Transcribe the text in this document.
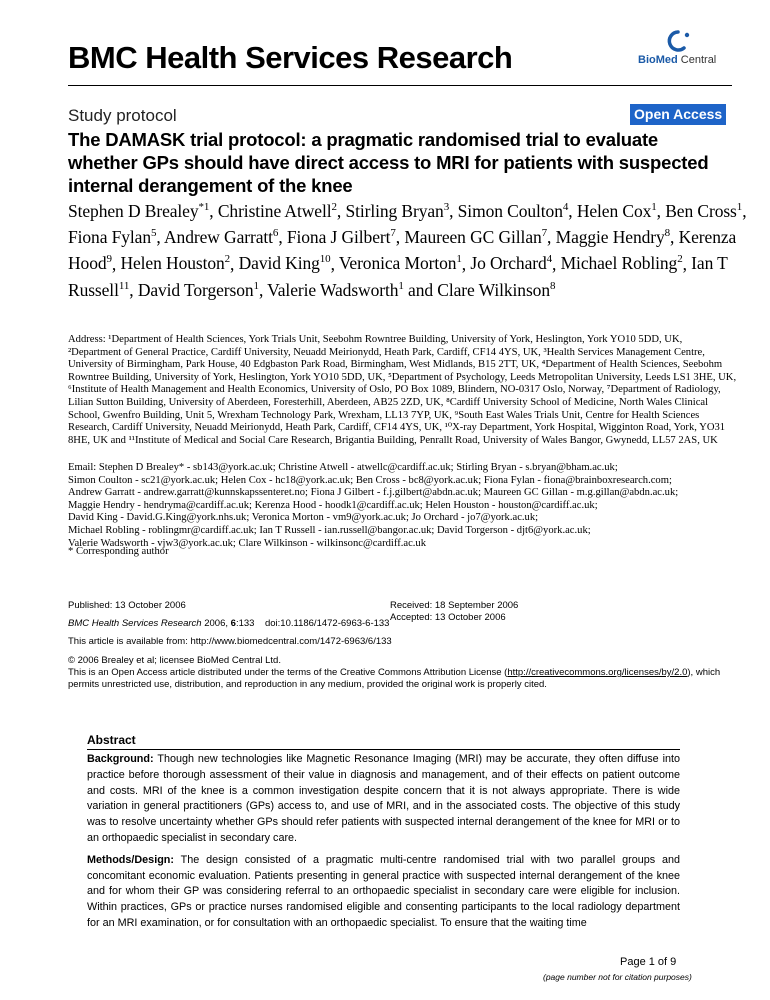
BMC Health Services Research	BioMed Central
Study protocol	Open Access
The DAMASK trial protocol: a pragmatic randomised trial to evaluate whether GPs should have direct access to MRI for patients with suspected internal derangement of the knee
Stephen D Brealey$^{*1}$, Christine Atwell$^2$, Stirling Bryan$^3$, Simon Coulton$^4$, Helen Cox$^1$, Ben Cross$^1$, Fiona Fylan$^5$, Andrew Garratt$^6$, Fiona J Gilbert$^7$, Maureen GC Gillan$^7$, Maggie Hendry$^8$, Kerenza Hood$^9$, Helen Houston$^2$, David King$^{10}$, Veronica Morton$^1$, Jo Orchard$^4$, Michael Robling$^2$, Ian T Russell$^{11}$, David Torgerson$^1$, Valerie Wadsworth$^1$ and Clare Wilkinson$^8$
Address: ¹Department of Health Sciences, York Trials Unit, Seebohm Rowntree Building, University of York, Heslington, York YO10 5DD, UK, ²Department of General Practice, Cardiff University, Neuadd Meirionydd, Heath Park, Cardiff, CF14 4YS, UK, ³Health Services Management Centre, University of Birmingham, Park House, 40 Edgbaston Park Road, Birmingham, West Midlands, B15 2TT, UK, ⁴Department of Health Sciences, Seebohm Rowntree Building, University of York, Heslington, York YO10 5DD, UK, ⁵Department of Psychology, Leeds Metropolitan University, Leeds LS1 3HE, UK, ⁶Institute of Health Management and Health Economics, University of Oslo, PO Box 1089, Blindern, NO-0317 Oslo, Norway, ⁷Department of Radiology, Lilian Sutton Building, University of Aberdeen, Foresterhill, Aberdeen, AB25 2ZD, UK, ⁸Cardiff University School of Medicine, North Wales Clinical School, Gwenfro Building, Unit 5, Wrexham Technology Park, Wrexham, LL13 7YP, UK, ⁹South East Wales Trials Unit, Centre for Health Sciences Research, Cardiff University, Neuadd Meirionydd, Heath Park, Cardiff, CF14 4YS, UK, ¹⁰X-ray Department, York Hospital, Wigginton Road, York, YO31 8HE, UK and ¹¹Institute of Medical and Social Care Research, Brigantia Building, Penrallt Road, University of Wales Bangor, Gwynedd, LL57 2AS, UK
Email: Stephen D Brealey* - sb143@york.ac.uk; Christine Atwell - atwellc@cardiff.ac.uk; Stirling Bryan - s.bryan@bham.ac.uk;
Simon Coulton - sc21@york.ac.uk; Helen Cox - hc18@york.ac.uk; Ben Cross - bc8@york.ac.uk; Fiona Fylan - fiona@brainboxresearch.com;
Andrew Garratt - andrew.garratt@kunnskapssenteret.no; Fiona J Gilbert - f.j.gilbert@abdn.ac.uk; Maureen GC Gillan - m.g.gillan@abdn.ac.uk;
Maggie Hendry - hendryma@cardiff.ac.uk; Kerenza Hood - hoodk1@cardiff.ac.uk; Helen Houston - houston@cardiff.ac.uk;
David King - David.G.King@york.nhs.uk; Veronica Morton - vm9@york.ac.uk; Jo Orchard - jo7@york.ac.uk;
Michael Robling - roblingmr@cardiff.ac.uk; Ian T Russell - ian.russell@bangor.ac.uk; David Torgerson - djt6@york.ac.uk;
Valerie Wadsworth - vjw3@york.ac.uk; Clare Wilkinson - wilkinsonc@cardiff.ac.uk
* Corresponding author
Published: 13 October 2006	Received: 18 September 2006
Accepted: 13 October 2006
BMC Health Services Research 2006, 6:133    doi:10.1186/1472-6963-6-133
This article is available from: http://www.biomedcentral.com/1472-6963/6/133
© 2006 Brealey et al; licensee BioMed Central Ltd.
This is an Open Access article distributed under the terms of the Creative Commons Attribution License (http://creativecommons.org/licenses/by/2.0), which permits unrestricted use, distribution, and reproduction in any medium, provided the original work is properly cited.
Abstract

Background: Though new technologies like Magnetic Resonance Imaging (MRI) may be accurate, they often diffuse into practice before thorough assessment of their value in diagnosis and management, and of their effects on patient outcome and costs. MRI of the knee is a common investigation despite concern that it is not always appropriate. There is wide variation in general practitioners (GPs) access to, and use of MRI, and in the associated costs. The objective of this study was to resolve uncertainty whether GPs should refer patients with suspected internal derangement of the knee for MRI or to an orthopaedic specialist in secondary care.

Methods/Design: The design consisted of a pragmatic multi-centre randomised trial with two parallel groups and concomitant economic evaluation. Patients presenting in general practice with suspected internal derangement of the knee and for whom their GP was considering referral to an orthopaedic specialist in secondary care were eligible for inclusion. Within practices, GPs or practice nurses randomised eligible and consenting participants to the local radiology department for an MRI examination, or for consultation with an orthopaedic specialist. To ensure that the waiting time

Page 1 of 9
(page number not for citation purposes)
